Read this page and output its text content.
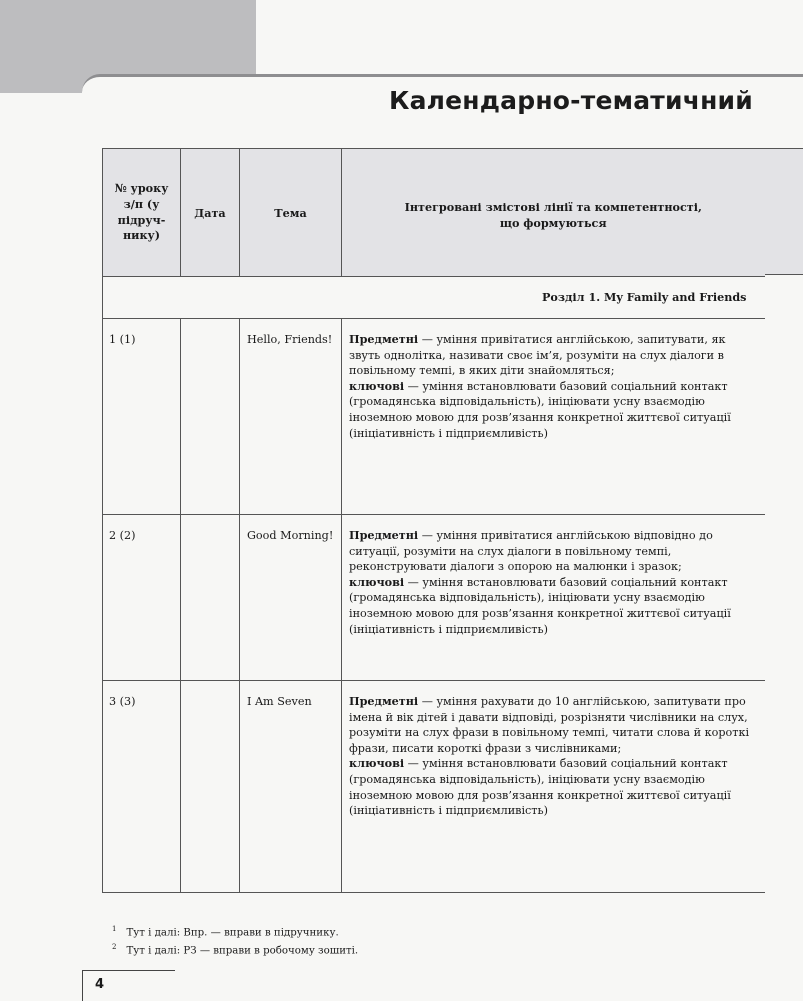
Календарно-тематичний
№ уроку з/п (у підручнику)	Дата	Тема	Інтегровані змістові лінії та компетентності, що формуються

Розділ 1. My Family and Friends			

1 (1)		Hello, Friends!	Предметні — уміння привітатися англійською, запитувати, як звуть однолітка, називати своє ім’я, розуміти на слух діалоги в повільному темпі, в яких діти знайомляться;
ключові — уміння встановлювати базовий соціальний контакт (громадянська відповідальність), ініціювати усну взаємодію іноземною мовою для розв’язання конкретної життєвої ситуації (ініціативність і підприємливість)

2 (2)		Good Morning!	Предметні — уміння привітатися англійською відповідно до ситуації, розуміти на слух діалоги в повільному темпі, реконструювати діалоги з опорою на малюнки і зразок;
ключові — уміння встановлювати базовий соціальний контакт (громадянська відповідальність), ініціювати усну взаємодію іноземною мовою для розв’язання конкретної життєвої ситуації (ініціативність і підприємливість)

3 (3)		I Am Seven	Предметні — уміння рахувати до 10 англійською, запитувати про імена й вік дітей і давати відповіді, розрізняти числівники на слух, розуміти на слух фрази в повільному темпі, читати слова й короткі фрази, писати короткі фрази з числівниками;
ключові — уміння встановлювати базовий соціальний контакт (громадянська відповідальність), ініціювати усну взаємодію іноземною мовою для розв’язання конкретної життєвої ситуації (ініціативність і підприємливість)
$^1$ Тут і далі: Впр. — вправи в підручнику.
$^2$ Тут і далі: РЗ — вправи в робочому зошиті.
4
